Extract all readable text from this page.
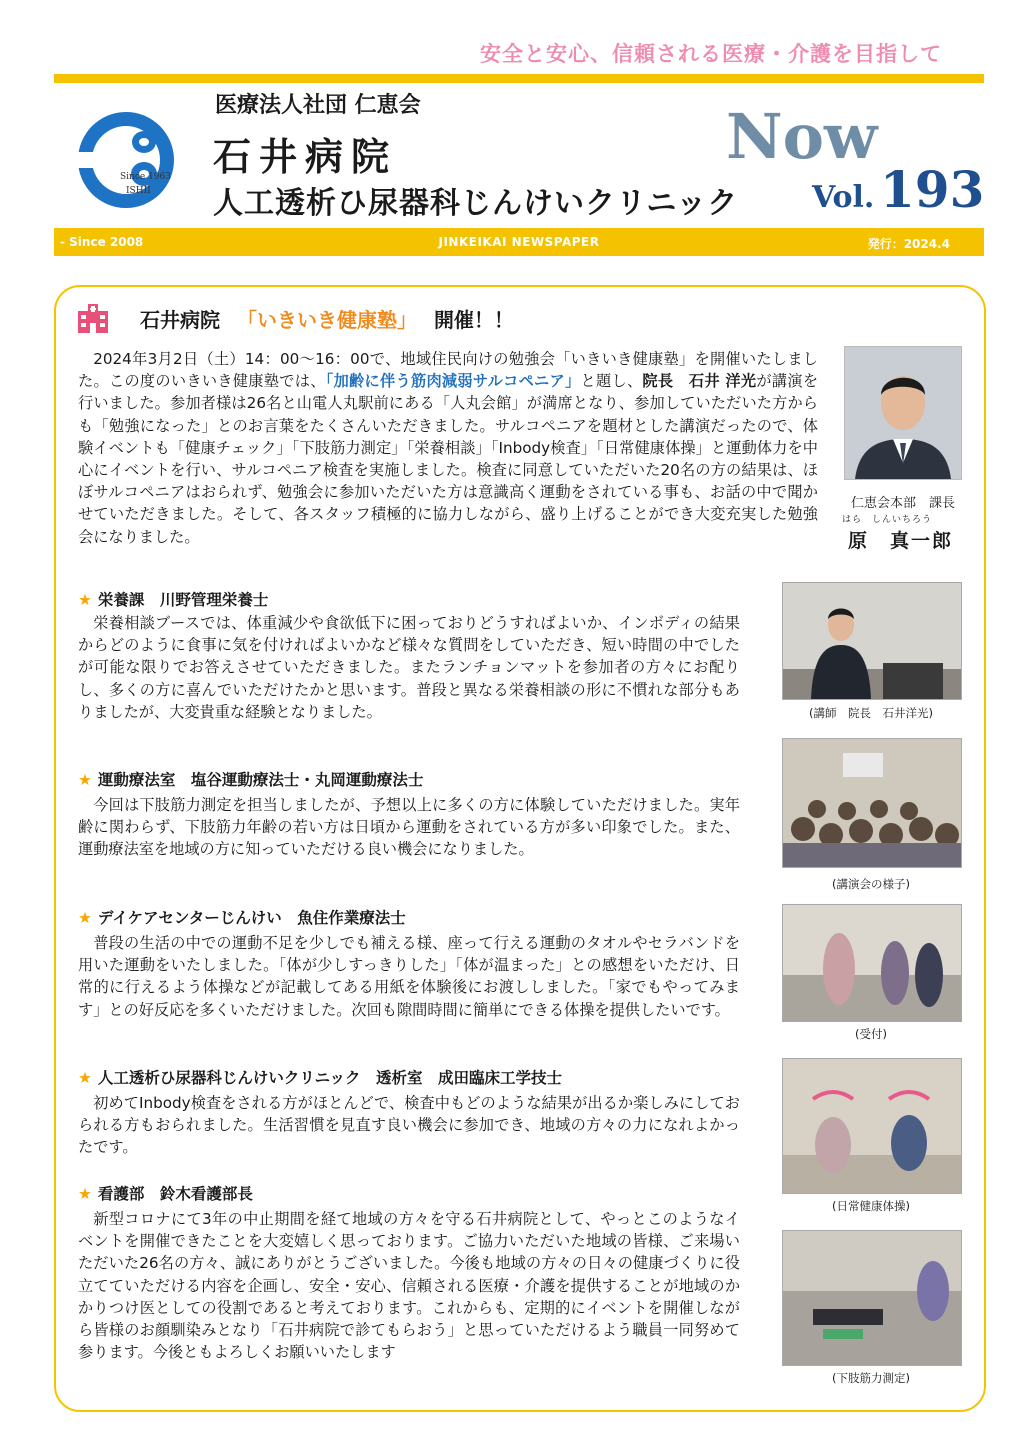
安全と安心、信頼される医療・介護を目指して
Since 1963
ISHII
医療法人社団 仁恵会
石井病院
人工透析ひ尿器科じんけいクリニック
Now
Vol. 193
- Since 2008	JINKEIKAI NEWSPAPER	発行：2024.4
石井病院 「いきいき健康塾」 開催！！
2024年3月2日（土）14：00〜16：00で、地域住民向けの勉強会「いきいき健康塾」を開催いたしました。この度のいきいき健康塾では、「加齢に伴う筋肉減弱サルコペニア」と題し、院長　石井 洋光が講演を行いました。参加者様は26名と山電人丸駅前にある「人丸会館」が満席となり、参加していただいた方からも「勉強になった」とのお言葉をたくさんいただきました。サルコペニアを題材とした講演だったので、体験イベントも「健康チェック」「下肢筋力測定」「栄養相談」「Inbody検査」「日常健康体操」と運動体力を中心にイベントを行い、サルコペニア検査を実施しました。検査に同意していただいた20名の方の結果は、ほぼサルコペニアはおられず、勉強会に参加いただいた方は意識高く運動をされている事も、お話の中で聞かせていただきました。そして、各スタッフ積極的に協力しながら、盛り上げることができ大変充実した勉強会になりました。
仁恵会本部　課長
はら　しんいちろう
原　真一郎
★ 栄養課　川野管理栄養士
栄養相談ブースでは、体重減少や食欲低下に困っておりどうすればよいか、インボディの結果からどのように食事に気を付ければよいかなど様々な質問をしていただき、短い時間の中でしたが可能な限りでお答えさせていただきました。またランチョンマットを参加者の方々にお配りし、多くの方に喜んでいただけたかと思います。普段と異なる栄養相談の形に不慣れな部分もありましたが、大変貴重な経験となりました。
★ 運動療法室　塩谷運動療法士・丸岡運動療法士
今回は下肢筋力測定を担当しましたが、予想以上に多くの方に体験していただけました。実年齢に関わらず、下肢筋力年齢の若い方は日頃から運動をされている方が多い印象でした。また、運動療法室を地域の方に知っていただける良い機会になりました。
★ デイケアセンターじんけい　魚住作業療法士
普段の生活の中での運動不足を少しでも補える様、座って行える運動のタオルやセラバンドを用いた運動をいたしました。「体が少しすっきりした」「体が温まった」との感想をいただけ、日常的に行えるよう体操などが記載してある用紙を体験後にお渡ししました。「家でもやってみます」との好反応を多くいただけました。次回も隙間時間に簡単にできる体操を提供したいです。
★ 人工透析ひ尿器科じんけいクリニック　透析室　成田臨床工学技士
初めてInbody検査をされる方がほとんどで、検査中もどのような結果が出るか楽しみにしておられる方もおられました。生活習慣を見直す良い機会に参加でき、地域の方々の力になれよかったです。
★ 看護部　鈴木看護部長
新型コロナにて3年の中止期間を経て地域の方々を守る石井病院として、やっとこのようなイベントを開催できたことを大変嬉しく思っております。ご協力いただいた地域の皆様、ご来場いただいた26名の方々、誠にありがとうございました。今後も地域の方々の日々の健康づくりに役立てていただける内容を企画し、安全・安心、信頼される医療・介護を提供することが地域のかかりつけ医としての役割であると考えております。これからも、定期的にイベントを開催しながら皆様のお顔馴染みとなり「石井病院で診てもらおう」と思っていただけるよう職員一同努めて参ります。今後ともよろしくお願いいたします
(講師　院長　石井洋光)
(講演会の様子)
(受付)
(日常健康体操)
(下肢筋力測定)
